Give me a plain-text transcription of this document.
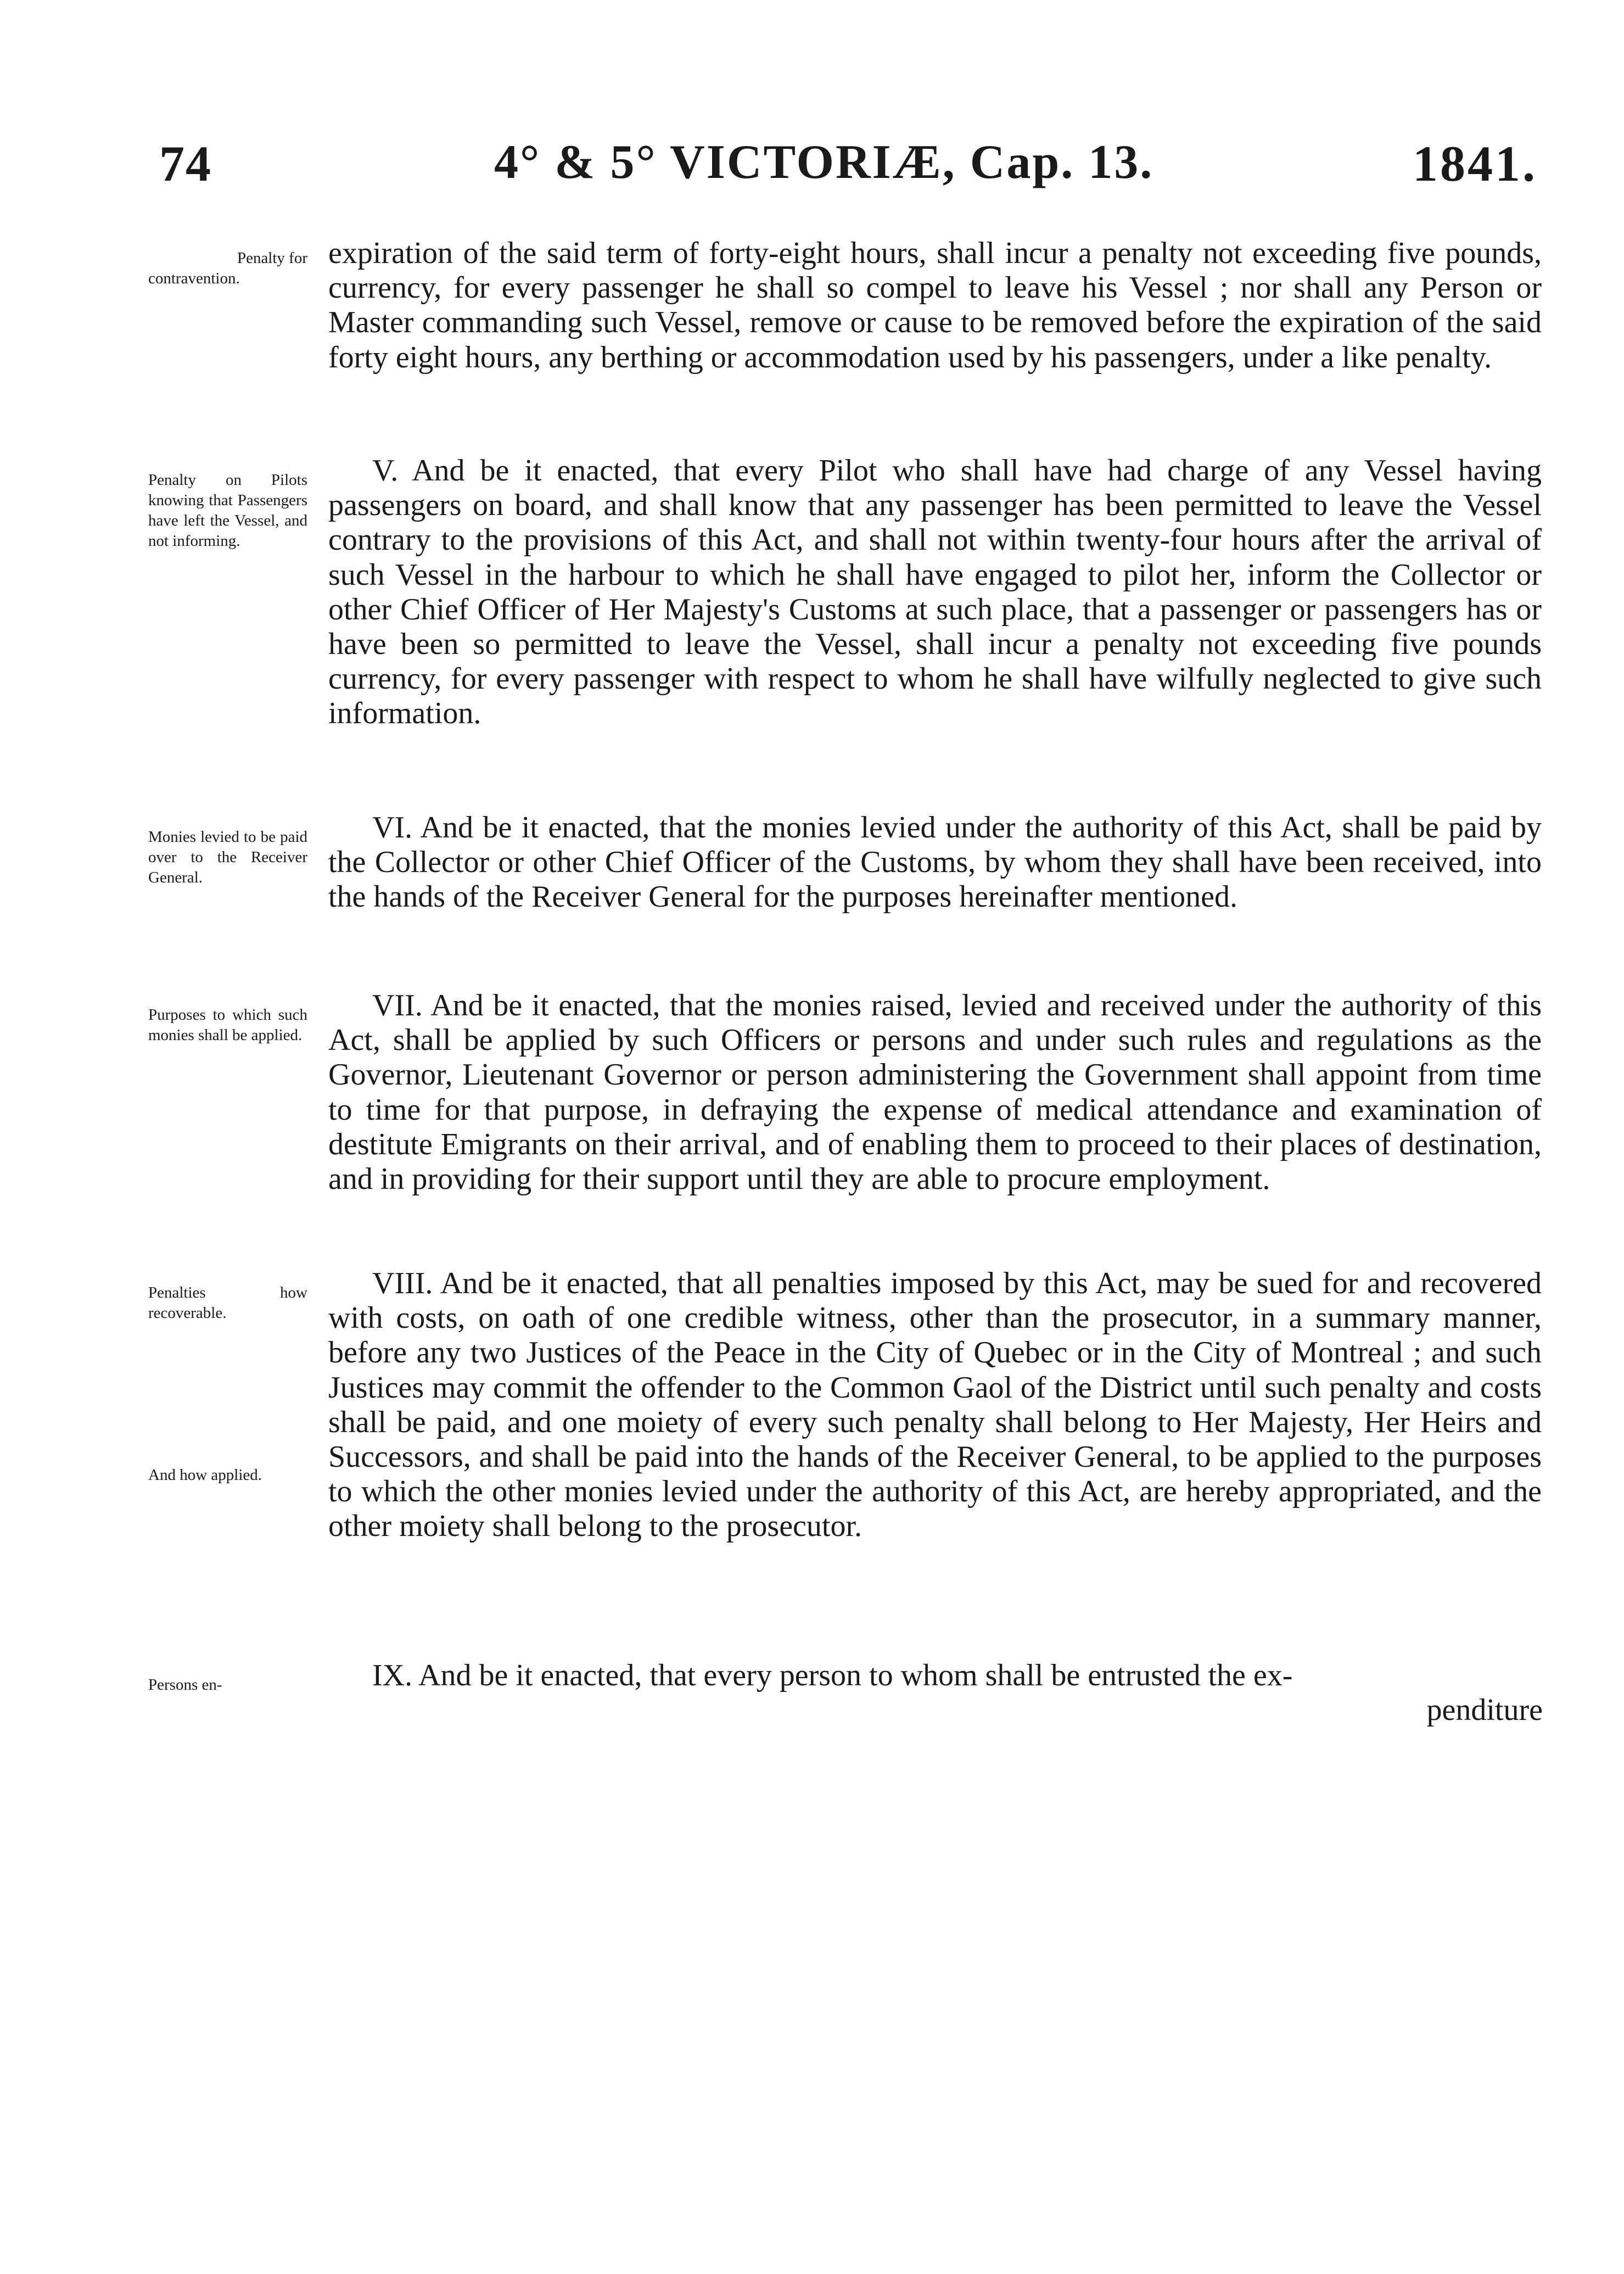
74	4° & 5° VICTORIÆ, Cap. 13.	1841.
Penalty for contravention.
expiration of the said term of forty-eight hours, shall incur a penalty not exceeding five pounds, currency, for every passenger he shall so compel to leave his Vessel ; nor shall any Person or Master commanding such Vessel, remove or cause to be removed before the expiration of the said forty eight hours, any berthing or accommodation used by his passengers, under a like penalty.
Penalty on Pilots knowing that Passengers have left the Vessel, and not informing.
V. And be it enacted, that every Pilot who shall have had charge of any Vessel having passengers on board, and shall know that any passenger has been permitted to leave the Vessel contrary to the provisions of this Act, and shall not within twenty-four hours after the arrival of such Vessel in the harbour to which he shall have engaged to pilot her, inform the Collector or other Chief Officer of Her Majesty's Customs at such place, that a passenger or passengers has or have been so permitted to leave the Vessel, shall incur a penalty not exceeding five pounds currency, for every passenger with respect to whom he shall have wilfully neglected to give such information.
Monies levied to be paid over to the Receiver General.
VI. And be it enacted, that the monies levied under the authority of this Act, shall be paid by the Collector or other Chief Officer of the Customs, by whom they shall have been received, into the hands of the Receiver General for the purposes hereinafter mentioned.
Purposes to which such monies shall be applied.
VII. And be it enacted, that the monies raised, levied and received under the authority of this Act, shall be applied by such Officers or persons and under such rules and regulations as the Governor, Lieutenant Governor or person administering the Government shall appoint from time to time for that purpose, in defraying the expense of medical attendance and examination of destitute Emigrants on their arrival, and of enabling them to proceed to their places of destination, and in providing for their support until they are able to procure employment.
Penalties how recoverable.
And how applied.
VIII. And be it enacted, that all penalties imposed by this Act, may be sued for and recovered with costs, on oath of one credible witness, other than the prosecutor, in a summary manner, before any two Justices of the Peace in the City of Quebec or in the City of Montreal ; and such Justices may commit the offender to the Common Gaol of the District until such penalty and costs shall be paid, and one moiety of every such penalty shall belong to Her Majesty, Her Heirs and Successors, and shall be paid into the hands of the Receiver General, to be applied to the purposes to which the other monies levied under the authority of this Act, are hereby appropriated, and the other moiety shall belong to the prosecutor.
Persons en-	IX. And be it enacted, that every person to whom shall be entrusted the ex-
penditure
